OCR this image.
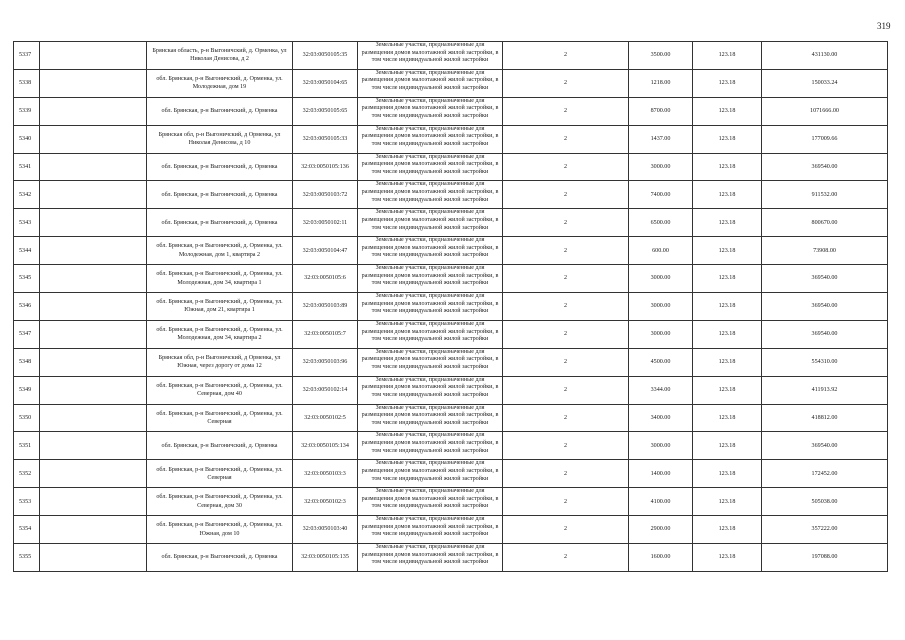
319
5337		Брянская область, р-н Выгоничский, д. Орменка, ул Николая Денисова, д 2	32:03:0050105:35	Земельные участки, предназначенные для размещения домов малоэтажной жилой застройки, в том числе индивидуальной жилой застройки	2	3500.00	123.18	431130.00
5338		обл. Брянская, р-н Выгоничский, д. Орменка, ул. Молодежная, дом 19	32:03:0050104:65	Земельные участки, предназначенные для размещения домов малоэтажной жилой застройки, в том числе индивидуальной жилой застройки	2	1218.00	123.18	150033.24
5339		обл. Брянская, р-н Выгоничский, д. Орменка	32:03:0050105:65	Земельные участки, предназначенные для размещения домов малоэтажной жилой застройки, в том числе индивидуальной жилой застройки	2	8700.00	123.18	1071666.00
5340		Брянская обл, р-н Выгоничский, д Орменка, ул Николая Денисова, д 10	32:03:0050105:33	Земельные участки, предназначенные для размещения домов малоэтажной жилой застройки, в том числе индивидуальной жилой застройки	2	1437.00	123.18	177009.66
5341		обл. Брянская, р-н Выгоничский, д. Орменка	32:03:0050105:136	Земельные участки, предназначенные для размещения домов малоэтажной жилой застройки, в том числе индивидуальной жилой застройки	2	3000.00	123.18	369540.00
5342		обл. Брянская, р-н Выгоничский, д. Орменка	32:03:0050103:72	Земельные участки, предназначенные для размещения домов малоэтажной жилой застройки, в том числе индивидуальной жилой застройки	2	7400.00	123.18	911532.00
5343		обл. Брянская, р-н Выгоничский, д. Орменка	32:03:0050102:11	Земельные участки, предназначенные для размещения домов малоэтажной жилой застройки, в том числе индивидуальной жилой застройки	2	6500.00	123.18	800670.00
5344		обл. Брянская, р-н Выгоничский, д. Орменка, ул. Молодежная, дом 1, квартира 2	32:03:0050104:47	Земельные участки, предназначенные для размещения домов малоэтажной жилой застройки, в том числе индивидуальной жилой застройки	2	600.00	123.18	73908.00
5345		обл. Брянская, р-н Выгоничский, д. Орменка, ул. Молодежная, дом 34, квартира 1	32:03:0050105:6	Земельные участки, предназначенные для размещения домов малоэтажной жилой застройки, в том числе индивидуальной жилой застройки	2	3000.00	123.18	369540.00
5346		обл. Брянская, р-н Выгоничский, д. Орменка, ул. Южная, дом 21, квартира 1	32:03:0050103:89	Земельные участки, предназначенные для размещения домов малоэтажной жилой застройки, в том числе индивидуальной жилой застройки	2	3000.00	123.18	369540.00
5347		обл. Брянская, р-н Выгоничский, д. Орменка, ул. Молодежная, дом 34, квартира 2	32:03:0050105:7	Земельные участки, предназначенные для размещения домов малоэтажной жилой застройки, в том числе индивидуальной жилой застройки	2	3000.00	123.18	369540.00
5348		Брянская обл, р-н Выгоничский, д Орменка, ул Южная, через дорогу от дома 12	32:03:0050103:96	Земельные участки, предназначенные для размещения домов малоэтажной жилой застройки, в том числе индивидуальной жилой застройки	2	4500.00	123.18	554310.00
5349		обл. Брянская, р-н Выгоничский, д. Орменка, ул. Северная, дом 40	32:03:0050102:14	Земельные участки, предназначенные для размещения домов малоэтажной жилой застройки, в том числе индивидуальной жилой застройки	2	3344.00	123.18	411913.92
5350		обл. Брянская, р-н Выгоничский, д. Орменка, ул. Северная	32:03:0050102:5	Земельные участки, предназначенные для размещения домов малоэтажной жилой застройки, в том числе индивидуальной жилой застройки	2	3400.00	123.18	418812.00
5351		обл. Брянская, р-н Выгоничский, д. Орменка	32:03:0050105:134	Земельные участки, предназначенные для размещения домов малоэтажной жилой застройки, в том числе индивидуальной жилой застройки	2	3000.00	123.18	369540.00
5352		обл. Брянская, р-н Выгоничский, д. Орменка, ул. Северная	32:03:0050103:3	Земельные участки, предназначенные для размещения домов малоэтажной жилой застройки, в том числе индивидуальной жилой застройки	2	1400.00	123.18	172452.00
5353		обл. Брянская, р-н Выгоничский, д. Орменка, ул. Северная, дом 30	32:03:0050102:3	Земельные участки, предназначенные для размещения домов малоэтажной жилой застройки, в том числе индивидуальной жилой застройки	2	4100.00	123.18	505038.00
5354		обл. Брянская, р-н Выгоничский, д. Орменка, ул. Южная, дом 10	32:03:0050103:40	Земельные участки, предназначенные для размещения домов малоэтажной жилой застройки, в том числе индивидуальной жилой застройки	2	2900.00	123.18	357222.00
5355		обл. Брянская, р-н Выгоничский, д. Орменка	32:03:0050105:135	Земельные участки, предназначенные для размещения домов малоэтажной жилой застройки, в том числе индивидуальной жилой застройки	2	1600.00	123.18	197088.00
